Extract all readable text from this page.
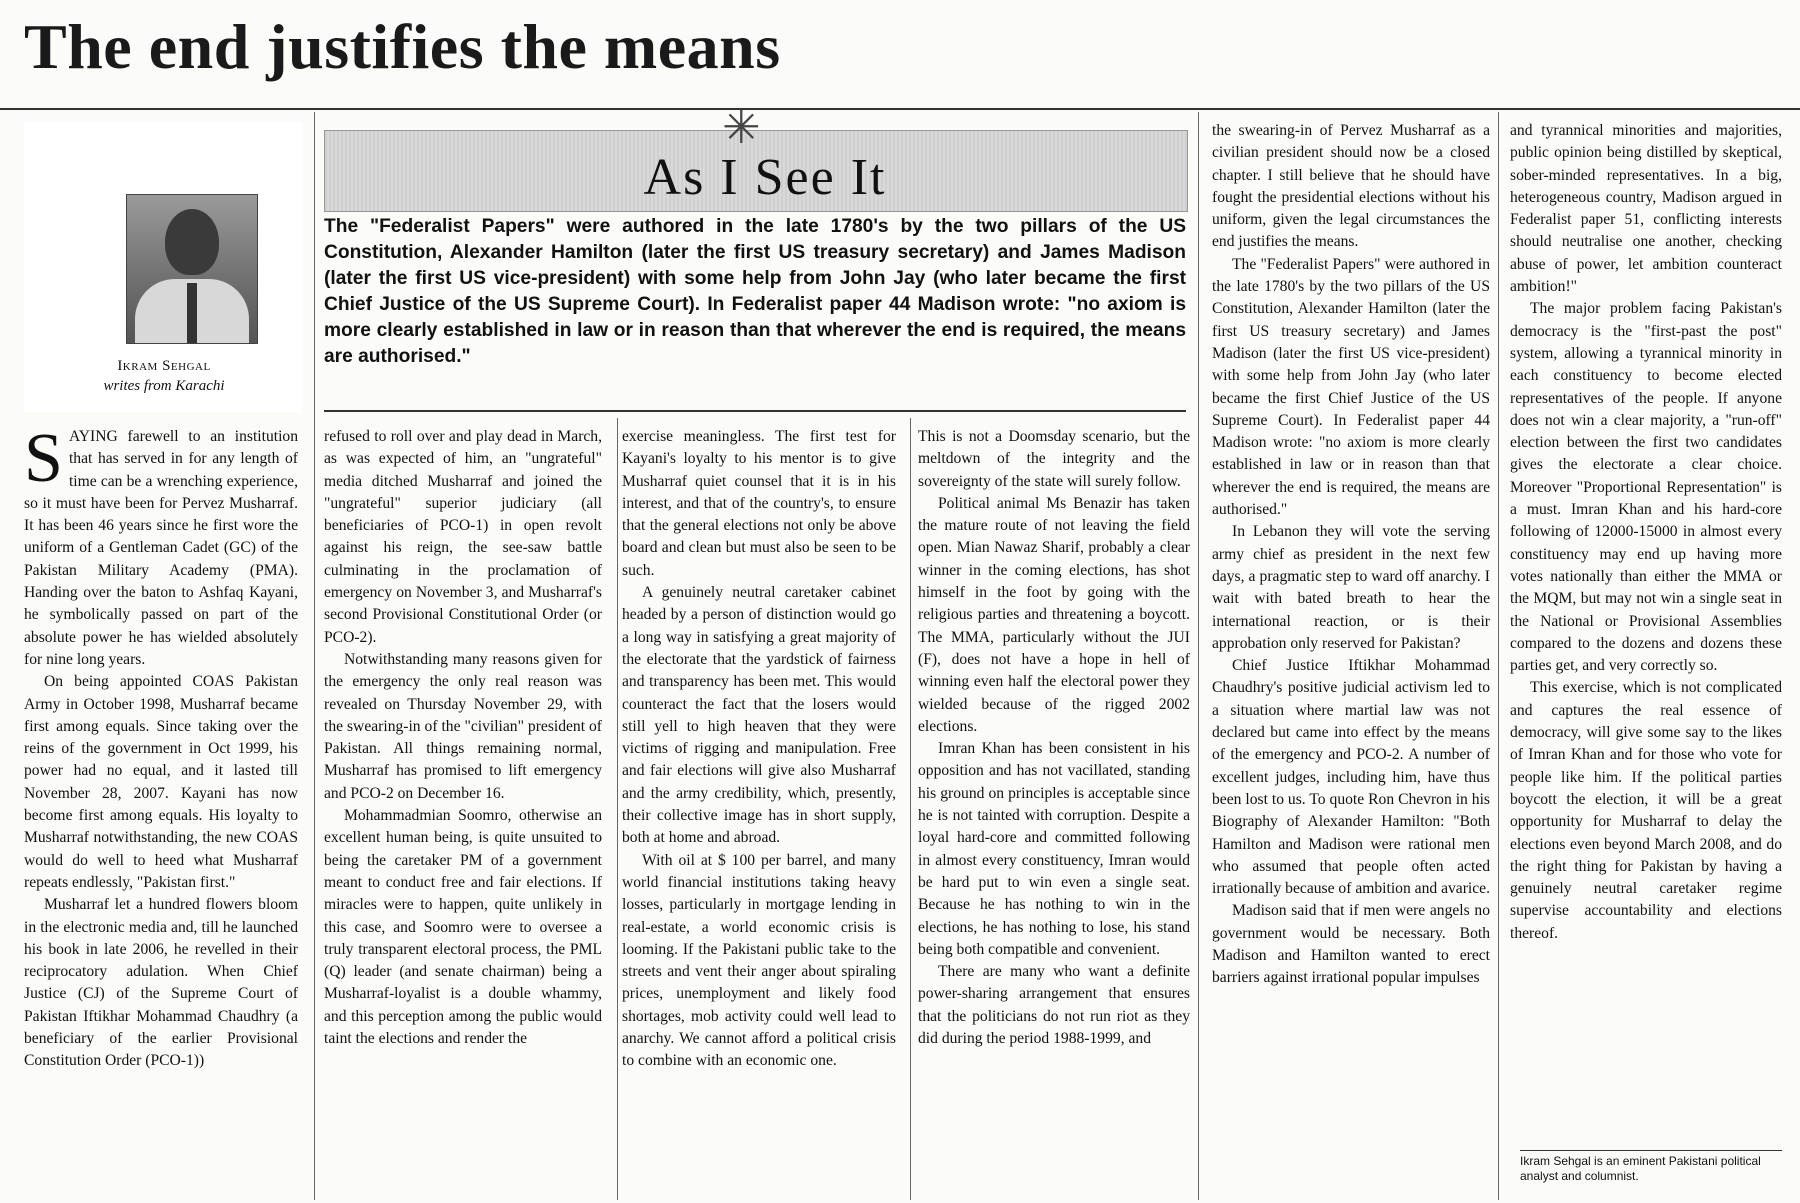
The end justifies the means
Ikram Sehgal
writes from Karachi
✳
As I See It

The "Federalist Papers" were authored in the late 1780's by the two pillars of the US Constitution, Alexander Hamilton (later the first US treasury secretary) and James Madison (later the first US vice-president) with some help from John Jay (who later became the first Chief Justice of the US Supreme Court). In Federalist paper 44 Madison wrote: "no axiom is more clearly established in law or in reason than that wherever the end is required, the means are authorised."

SAYING farewell to an institution that has served in for any length of time can be a wrenching experience, so it must have been for Pervez Musharraf. It has been 46 years since he first wore the uniform of a Gentleman Cadet (GC) of the Pakistan Military Academy (PMA). Handing over the baton to Ashfaq Kayani, he symbolically passed on part of the absolute power he has wielded absolutely for nine long years.

On being appointed COAS Pakistan Army in October 1998, Musharraf became first among equals. Since taking over the reins of the government in Oct 1999, his power had no equal, and it lasted till November 28, 2007. Kayani has now become first among equals. His loyalty to Musharraf notwithstanding, the new COAS would do well to heed what Musharraf repeats endlessly, "Pakistan first."

Musharraf let a hundred flowers bloom in the electronic media and, till he launched his book in late 2006, he revelled in their reciprocatory adulation. When Chief Justice (CJ) of the Supreme Court of Pakistan Iftikhar Mohammad Chaudhry (a beneficiary of the earlier Provisional Constitution Order (PCO-1))

refused to roll over and play dead in March, as was expected of him, an "ungrateful" media ditched Musharraf and joined the "ungrateful" superior judiciary (all beneficiaries of PCO-1) in open revolt against his reign, the see-saw battle culminating in the proclamation of emergency on November 3, and Musharraf's second Provisional Constitutional Order (or PCO-2).

Notwithstanding many reasons given for the emergency the only real reason was revealed on Thursday November 29, with the swearing-in of the "civilian" president of Pakistan. All things remaining normal, Musharraf has promised to lift emergency and PCO-2 on December 16.

Mohammadmian Soomro, otherwise an excellent human being, is quite unsuited to being the caretaker PM of a government meant to conduct free and fair elections. If miracles were to happen, quite unlikely in this case, and Soomro were to oversee a truly transparent electoral process, the PML (Q) leader (and senate chairman) being a Musharraf-loyalist is a double whammy, and this perception among the public would taint the elections and render the

exercise meaningless. The first test for Kayani's loyalty to his mentor is to give Musharraf quiet counsel that it is in his interest, and that of the country's, to ensure that the general elections not only be above board and clean but must also be seen to be such.

A genuinely neutral caretaker cabinet headed by a person of distinction would go a long way in satisfying a great majority of the electorate that the yardstick of fairness and transparency has been met. This would counteract the fact that the losers would still yell to high heaven that they were victims of rigging and manipulation. Free and fair elections will give also Musharraf and the army credibility, which, presently, their collective image has in short supply, both at home and abroad.

With oil at $ 100 per barrel, and many world financial institutions taking heavy losses, particularly in mortgage lending in real-estate, a world economic crisis is looming. If the Pakistani public take to the streets and vent their anger about spiraling prices, unemployment and likely food shortages, mob activity could well lead to anarchy. We cannot afford a political crisis to combine with an economic one.

This is not a Doomsday scenario, but the meltdown of the integrity and the sovereignty of the state will surely follow.

Political animal Ms Benazir has taken the mature route of not leaving the field open. Mian Nawaz Sharif, probably a clear winner in the coming elections, has shot himself in the foot by going with the religious parties and threatening a boycott. The MMA, particularly without the JUI (F), does not have a hope in hell of winning even half the electoral power they wielded because of the rigged 2002 elections.

Imran Khan has been consistent in his opposition and has not vacillated, standing his ground on principles is acceptable since he is not tainted with corruption. Despite a loyal hard-core and committed following in almost every constituency, Imran would be hard put to win even a single seat. Because he has nothing to win in the elections, he has nothing to lose, his stand being both compatible and convenient.

There are many who want a definite power-sharing arrangement that ensures that the politicians do not run riot as they did during the period 1988-1999, and

the swearing-in of Pervez Musharraf as a civilian president should now be a closed chapter. I still believe that he should have fought the presidential elections without his uniform, given the legal circumstances the end justifies the means.

The "Federalist Papers" were authored in the late 1780's by the two pillars of the US Constitution, Alexander Hamilton (later the first US treasury secretary) and James Madison (later the first US vice-president) with some help from John Jay (who later became the first Chief Justice of the US Supreme Court). In Federalist paper 44 Madison wrote: "no axiom is more clearly established in law or in reason than that wherever the end is required, the means are authorised."

In Lebanon they will vote the serving army chief as president in the next few days, a pragmatic step to ward off anarchy. I wait with bated breath to hear the international reaction, or is their approbation only reserved for Pakistan?

Chief Justice Iftikhar Mohammad Chaudhry's positive judicial activism led to a situation where martial law was not declared but came into effect by the means of the emergency and PCO-2. A number of excellent judges, including him, have thus been lost to us. To quote Ron Chevron in his Biography of Alexander Hamilton: "Both Hamilton and Madison were rational men who assumed that people often acted irrationally because of ambition and avarice.

Madison said that if men were angels no government would be necessary. Both Madison and Hamilton wanted to erect barriers against irrational popular impulses

and tyrannical minorities and majorities, public opinion being distilled by skeptical, sober-minded representatives. In a big, heterogeneous country, Madison argued in Federalist paper 51, conflicting interests should neutralise one another, checking abuse of power, let ambition counteract ambition!"

The major problem facing Pakistan's democracy is the "first-past the post" system, allowing a tyrannical minority in each constituency to become elected representatives of the people. If anyone does not win a clear majority, a "run-off" election between the first two candidates gives the electorate a clear choice. Moreover "Proportional Representation" is a must. Imran Khan and his hard-core following of 12000-15000 in almost every constituency may end up having more votes nationally than either the MMA or the MQM, but may not win a single seat in the National or Provisional Assemblies compared to the dozens and dozens these parties get, and very correctly so.

This exercise, which is not complicated and captures the real essence of democracy, will give some say to the likes of Imran Khan and for those who vote for people like him. If the political parties boycott the election, it will be a great opportunity for Musharraf to delay the elections even beyond March 2008, and do the right thing for Pakistan by having a genuinely neutral caretaker regime supervise accountability and elections thereof.

Ikram Sehgal is an eminent Pakistani political analyst and columnist.
